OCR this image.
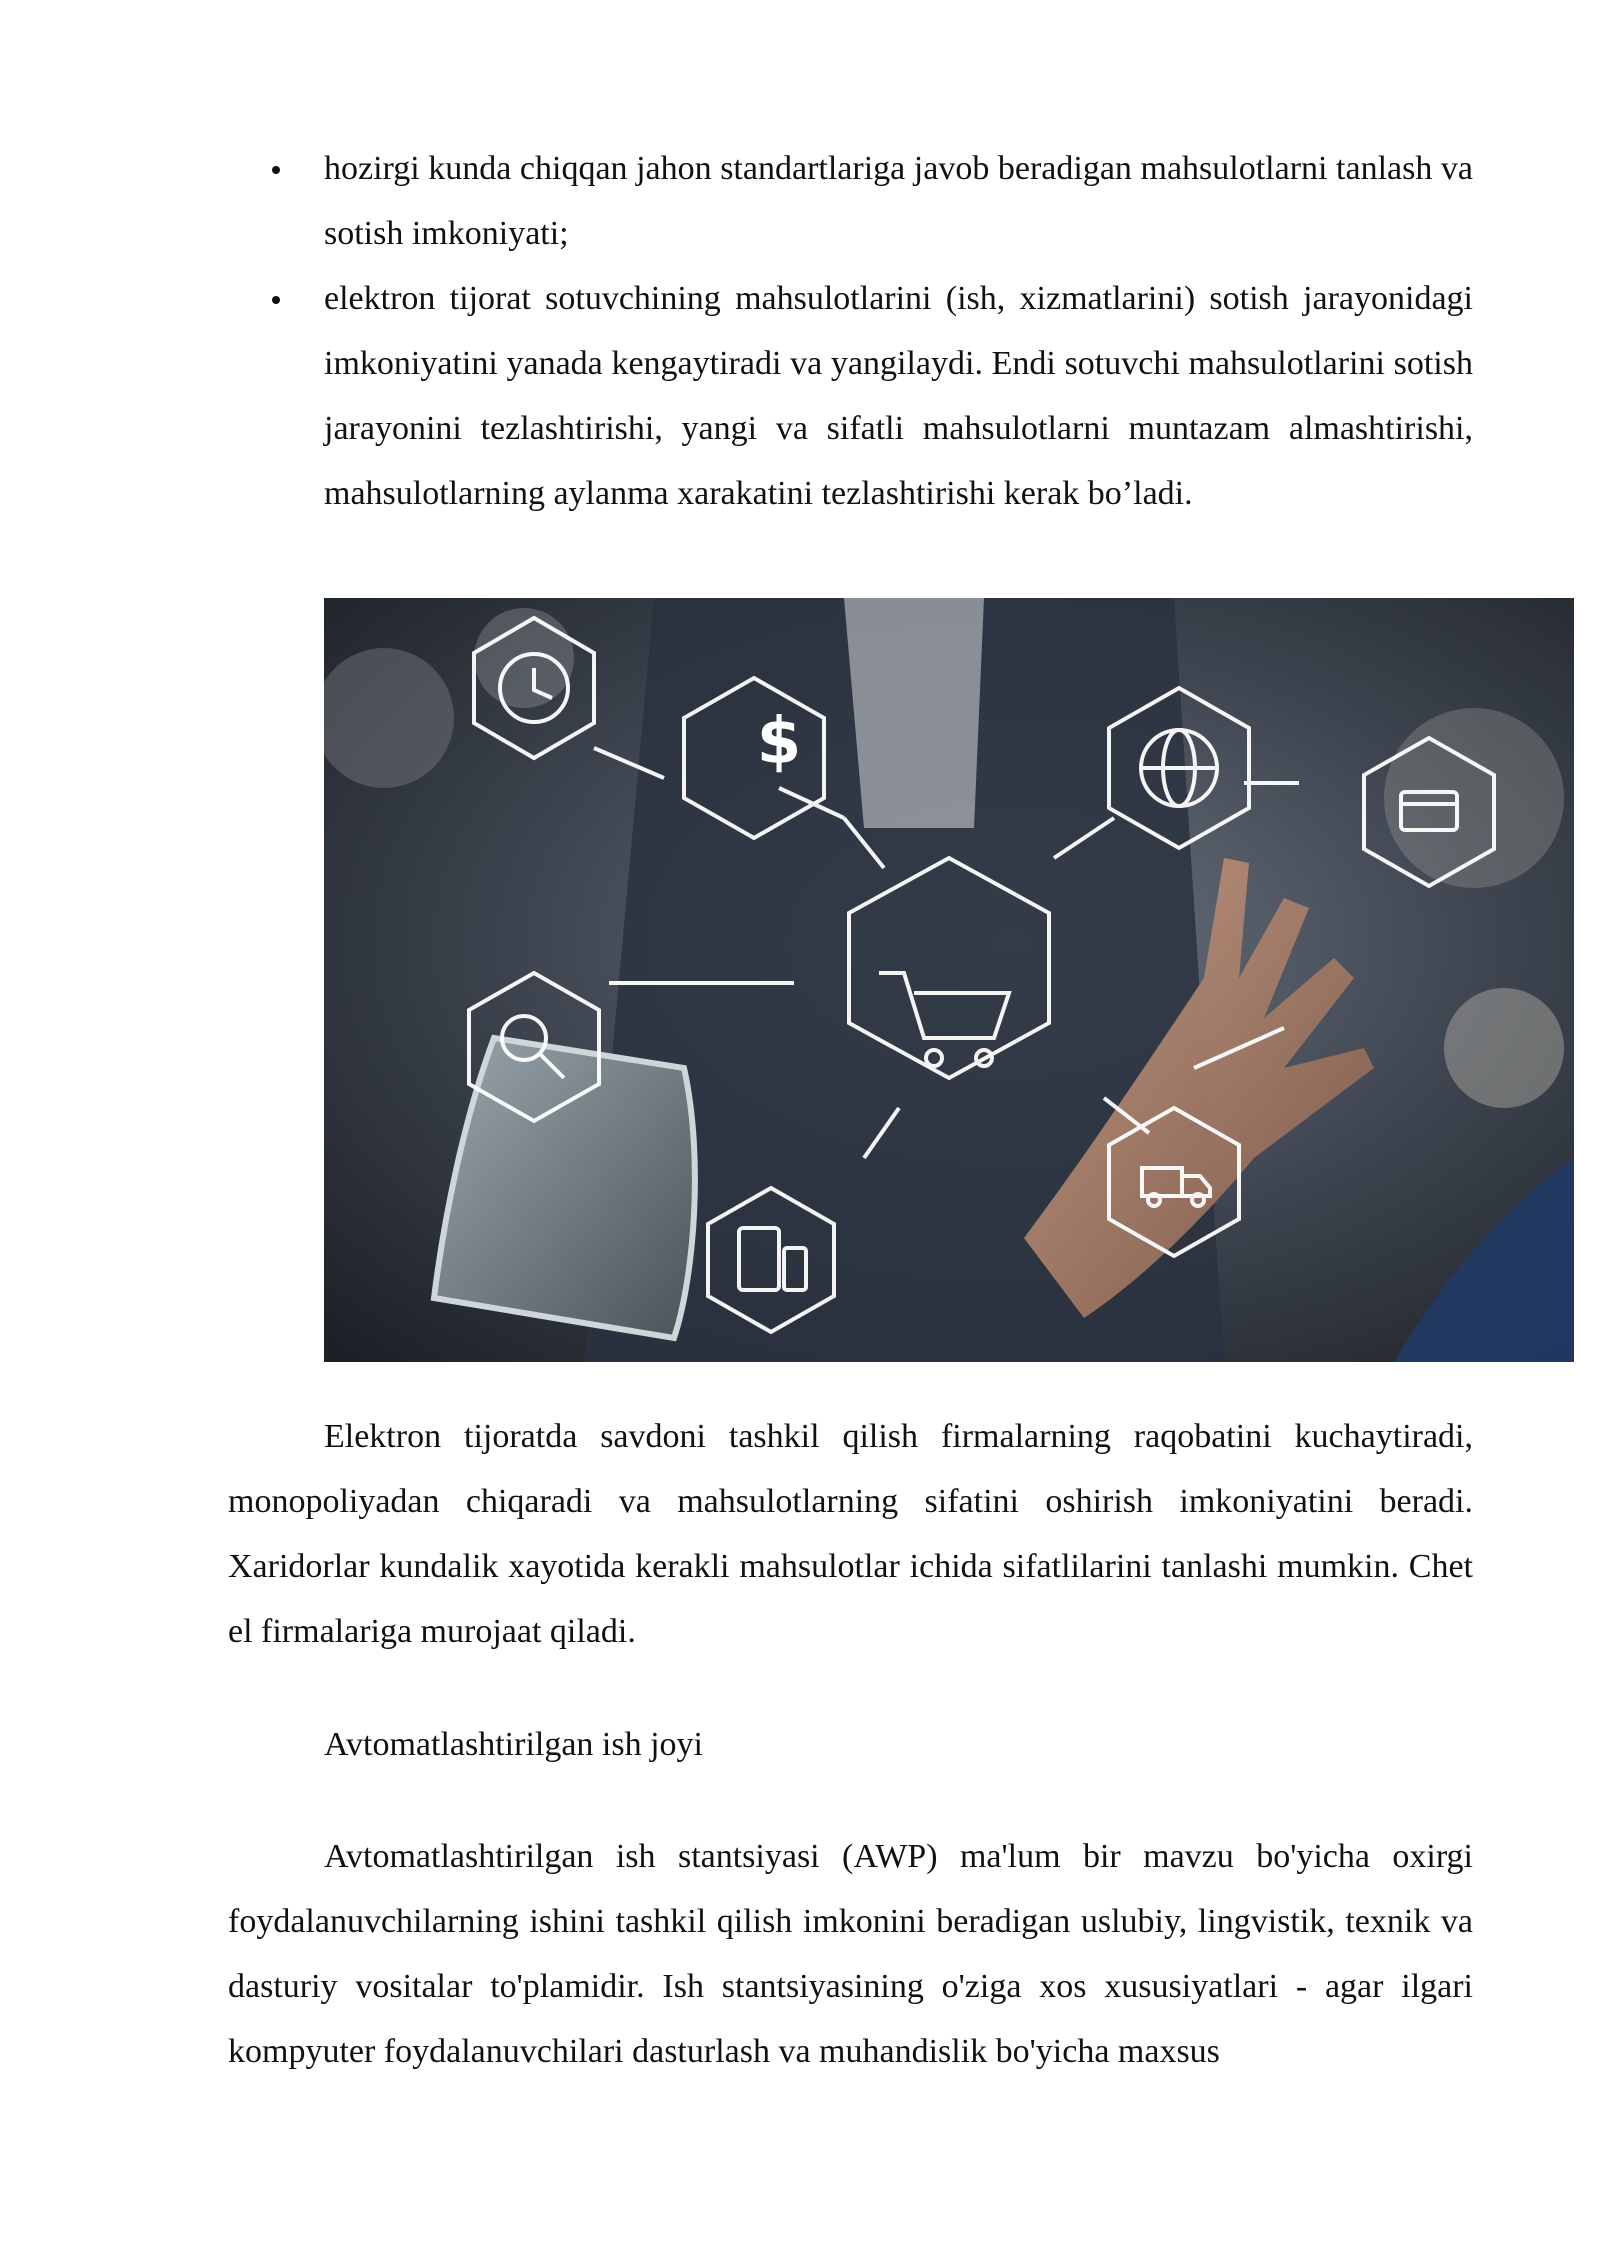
hozirgi kunda chiqqan jahon standartlariga javob beradigan mahsulotlarni tanlash va sotish imkoniyati;
elektron tijorat sotuvchining mahsulotlarini (ish, xizmatlarini) sotish jarayonidagi imkoniyatini yanada kengaytiradi va yangilaydi. Endi sotuvchi mahsulotlarini sotish jarayonini tezlashtirishi, yangi va sifatli mahsulotlarni muntazam almashtirishi, mahsulotlarning aylanma xarakatini tezlashtirishi kerak bo’ladi.
$

Elektron tijoratda savdoni tashkil qilish firmalarning raqobatini kuchaytiradi, monopoliyadan chiqaradi va mahsulotlarning sifatini oshirish imkoniyatini beradi. Xaridorlar kundalik xayotida kerakli mahsulotlar ichida sifatlilarini tanlashi mumkin. Chet el firmalariga murojaat qiladi.

Avtomatlashtirilgan ish joyi

Avtomatlashtirilgan ish stantsiyasi (AWP) ma'lum bir mavzu bo'yicha oxirgi foydalanuvchilarning ishini tashkil qilish imkonini beradigan uslubiy, lingvistik, texnik va dasturiy vositalar to'plamidir. Ish stantsiyasining o'ziga xos xususiyatlari - agar ilgari kompyuter foydalanuvchilari dasturlash va muhandislik bo'yicha maxsus
